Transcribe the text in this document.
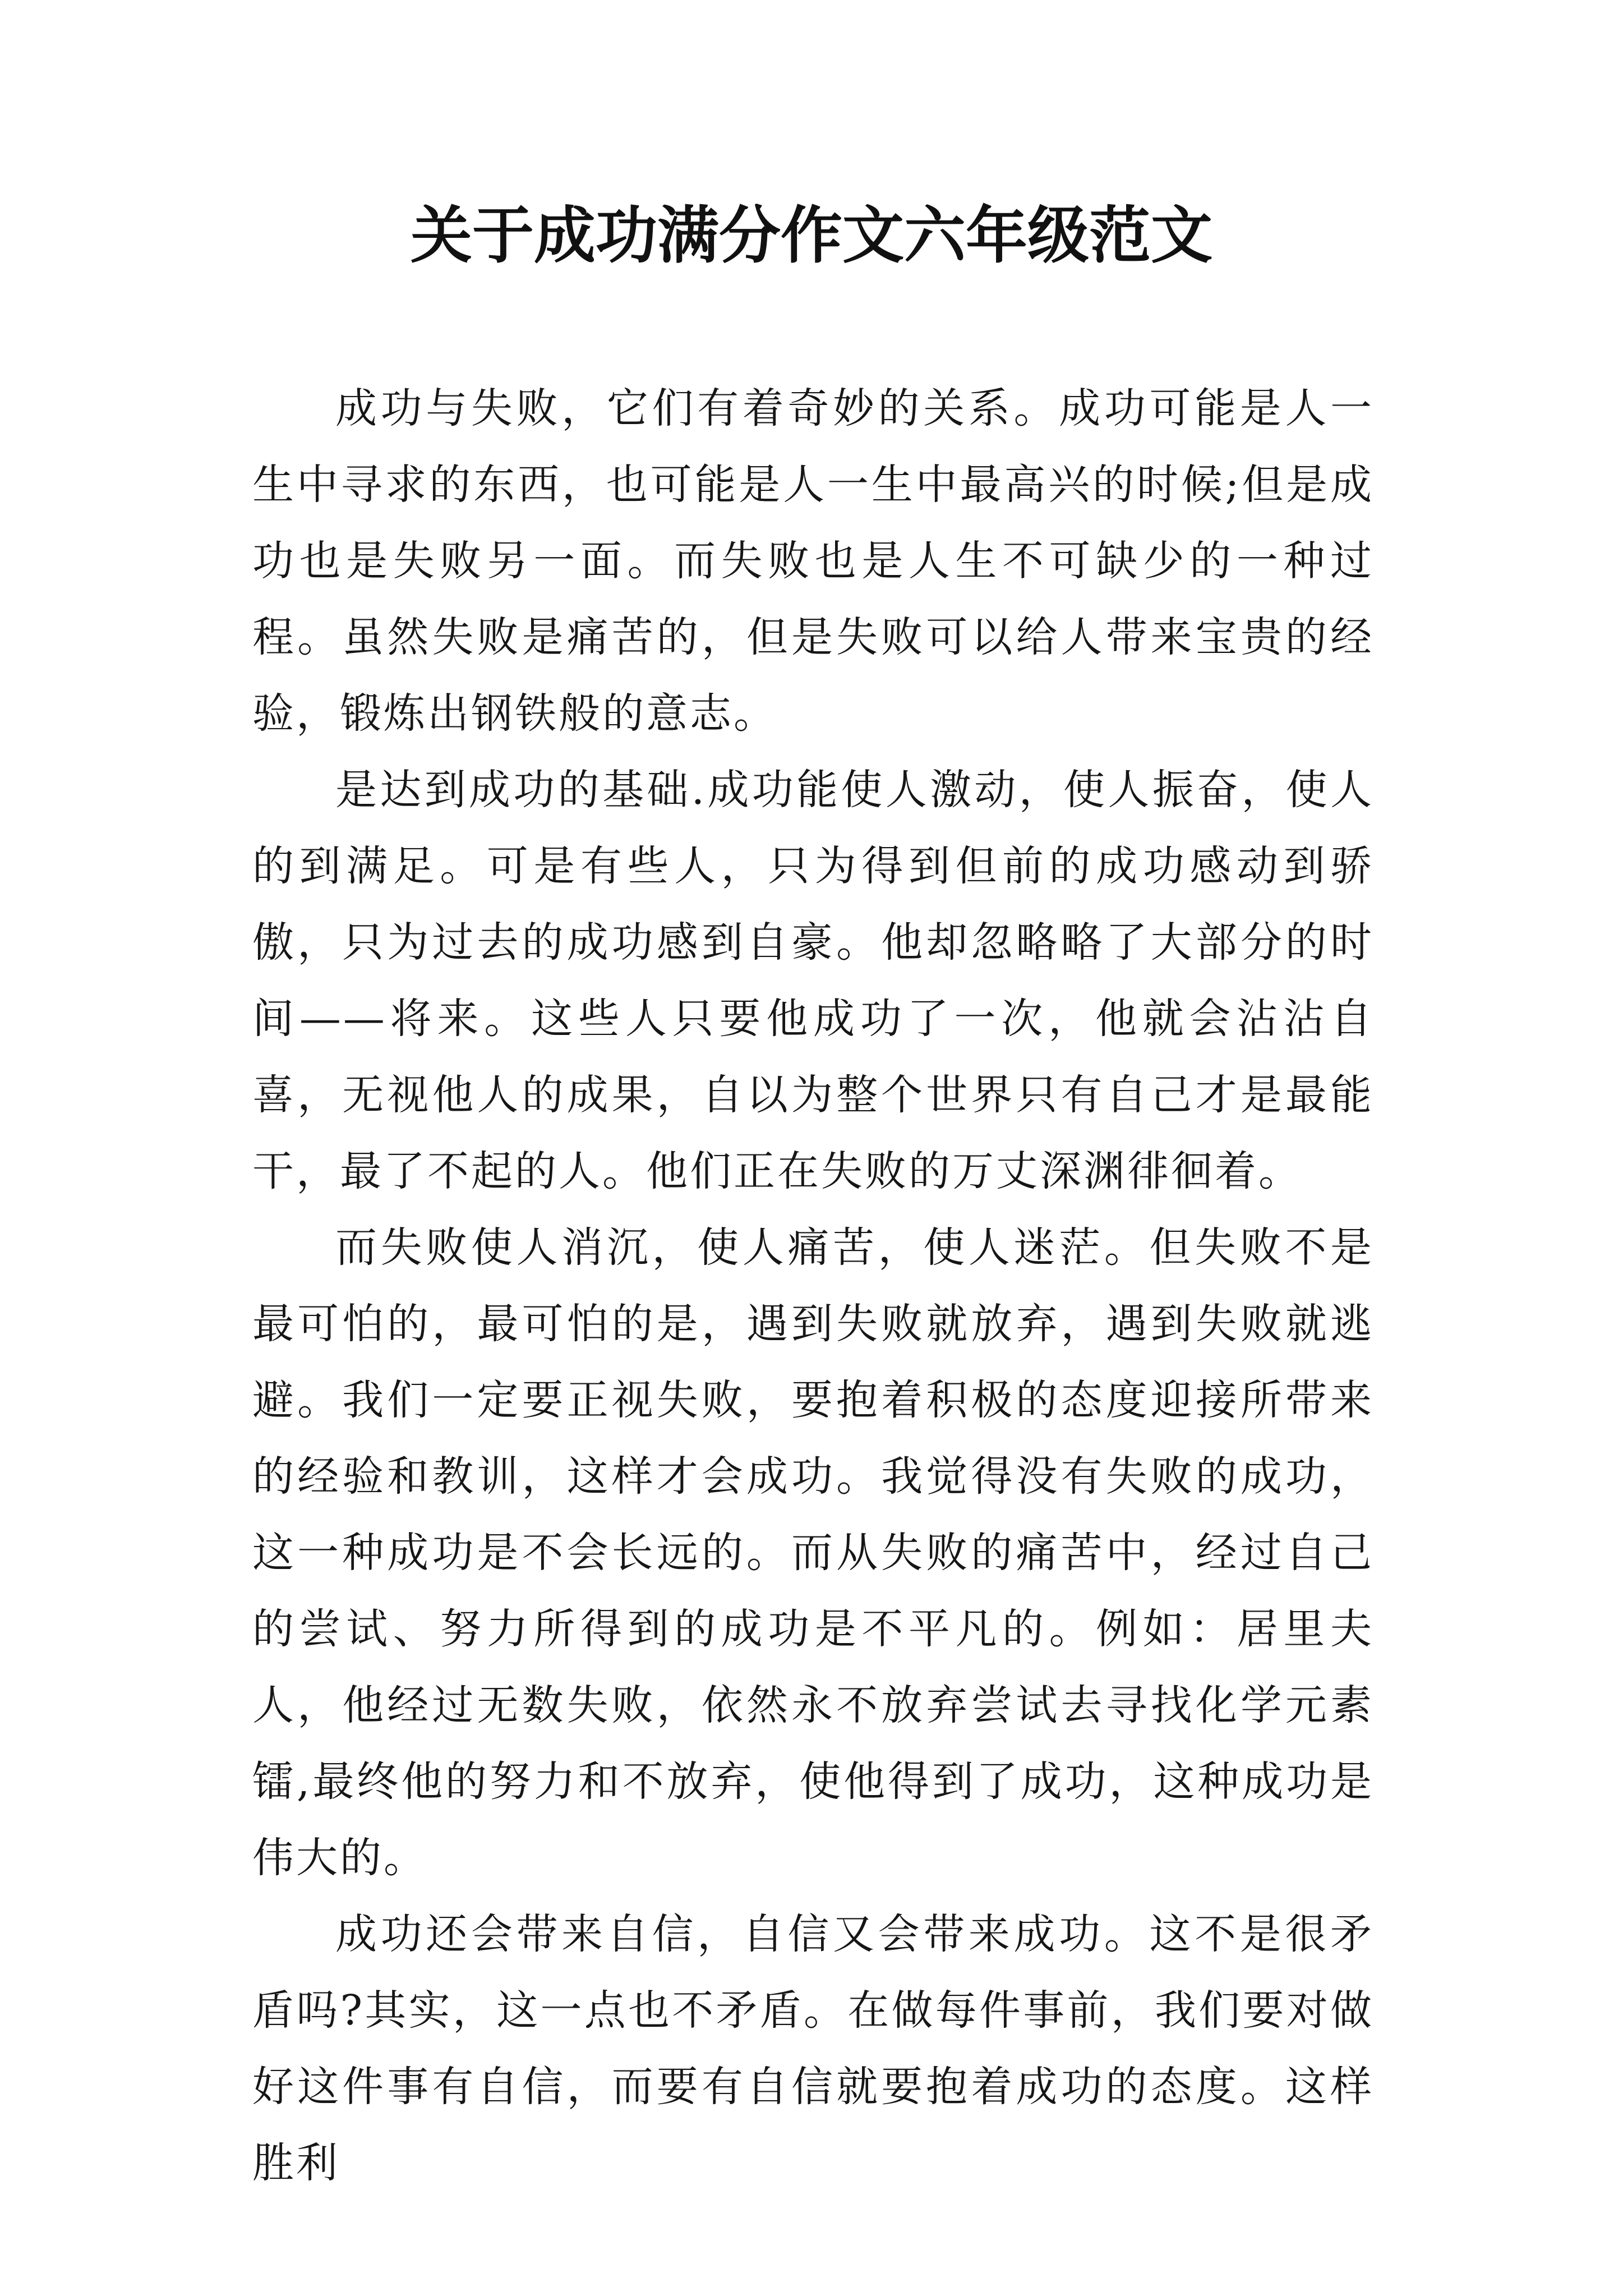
关于成功满分作文六年级范文

成功与失败，它们有着奇妙的关系。成功可能是人一生中寻求的东西，也可能是人一生中最高兴的时候;但是成功也是失败另一面。而失败也是人生不可缺少的一种过程。虽然失败是痛苦的，但是失败可以给人带来宝贵的经验，锻炼出钢铁般的意志。

是达到成功的基础.成功能使人激动，使人振奋，使人的到满足。可是有些人，只为得到但前的成功感动到骄傲，只为过去的成功感到自豪。他却忽略略了大部分的时间——将来。这些人只要他成功了一次，他就会沾沾自喜，无视他人的成果，自以为整个世界只有自己才是最能干，最了不起的人。他们正在失败的万丈深渊徘徊着。

而失败使人消沉，使人痛苦，使人迷茫。但失败不是最可怕的，最可怕的是，遇到失败就放弃，遇到失败就逃避。我们一定要正视失败，要抱着积极的态度迎接所带来的经验和教训，这样才会成功。我觉得没有失败的成功，这一种成功是不会长远的。而从失败的痛苦中，经过自己的尝试、努力所得到的成功是不平凡的。例如：居里夫人，他经过无数失败，依然永不放弃尝试去寻找化学元素镭,最终他的努力和不放弃，使他得到了成功，这种成功是伟大的。

成功还会带来自信，自信又会带来成功。这不是很矛盾吗?其实，这一点也不矛盾。在做每件事前，我们要对做好这件事有自信，而要有自信就要抱着成功的态度。这样胜利
